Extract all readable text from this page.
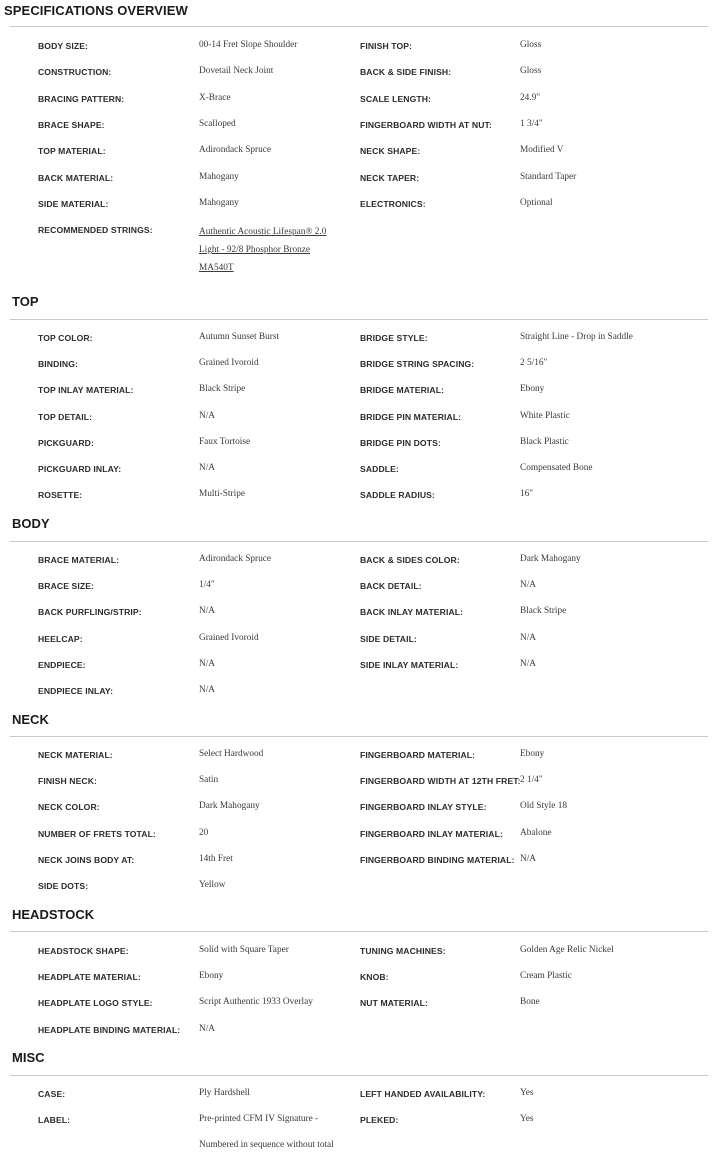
SPECIFICATIONS OVERVIEW
BODY SIZE:	00-14 Fret Slope Shoulder	FINISH TOP:	Gloss
CONSTRUCTION:	Dovetail Neck Joint	BACK & SIDE FINISH:	Gloss
BRACING PATTERN:	X-Brace	SCALE LENGTH:	24.9"
BRACE SHAPE:	Scalloped	FINGERBOARD WIDTH AT NUT:	1 3/4"
TOP MATERIAL:	Adirondack Spruce	NECK SHAPE:	Modified V
BACK MATERIAL:	Mahogany	NECK TAPER:	Standard Taper
SIDE MATERIAL:	Mahogany	ELECTRONICS:	Optional
RECOMMENDED STRINGS:	Authentic Acoustic Lifespan® 2.0 Light - 92/8 Phosphor Bronze MA540T
TOP
TOP COLOR:	Autumn Sunset Burst	BRIDGE STYLE:	Straight Line - Drop in Saddle
BINDING:	Grained Ivoroid	BRIDGE STRING SPACING:	2 5/16"
TOP INLAY MATERIAL:	Black Stripe	BRIDGE MATERIAL:	Ebony
TOP DETAIL:	N/A	BRIDGE PIN MATERIAL:	White Plastic
PICKGUARD:	Faux Tortoise	BRIDGE PIN DOTS:	Black Plastic
PICKGUARD INLAY:	N/A	SADDLE:	Compensated Bone
ROSETTE:	Multi-Stripe	SADDLE RADIUS:	16"
BODY
BRACE MATERIAL:	Adirondack Spruce	BACK & SIDES COLOR:	Dark Mahogany
BRACE SIZE:	1/4"	BACK DETAIL:	N/A
BACK PURFLING/STRIP:	N/A	BACK INLAY MATERIAL:	Black Stripe
HEELCAP:	Grained Ivoroid	SIDE DETAIL:	N/A
ENDPIECE:	N/A	SIDE INLAY MATERIAL:	N/A
ENDPIECE INLAY:	N/A
NECK
NECK MATERIAL:	Select Hardwood	FINGERBOARD MATERIAL:	Ebony
FINISH NECK:	Satin	FINGERBOARD WIDTH AT 12TH FRET: 2 1/4"
NECK COLOR:	Dark Mahogany	FINGERBOARD INLAY STYLE:	Old Style 18
NUMBER OF FRETS TOTAL:	20	FINGERBOARD INLAY MATERIAL: Abalone
NECK JOINS BODY AT:	14th Fret	FINGERBOARD BINDING MATERIAL: N/A
SIDE DOTS:	Yellow
HEADSTOCK
HEADSTOCK SHAPE:	Solid with Square Taper	TUNING MACHINES:	Golden Age Relic Nickel
HEADPLATE MATERIAL:	Ebony	KNOB:	Cream Plastic
HEADPLATE LOGO STYLE:	Script Authentic 1933 Overlay	NUT MATERIAL:	Bone
HEADPLATE BINDING MATERIAL: N/A
MISC
CASE:	Ply Hardshell	LEFT HANDED AVAILABILITY:	Yes
LABEL:	Pre-printed CFM IV Signature -	PLEKED:	Yes
Numbered in sequence without total
